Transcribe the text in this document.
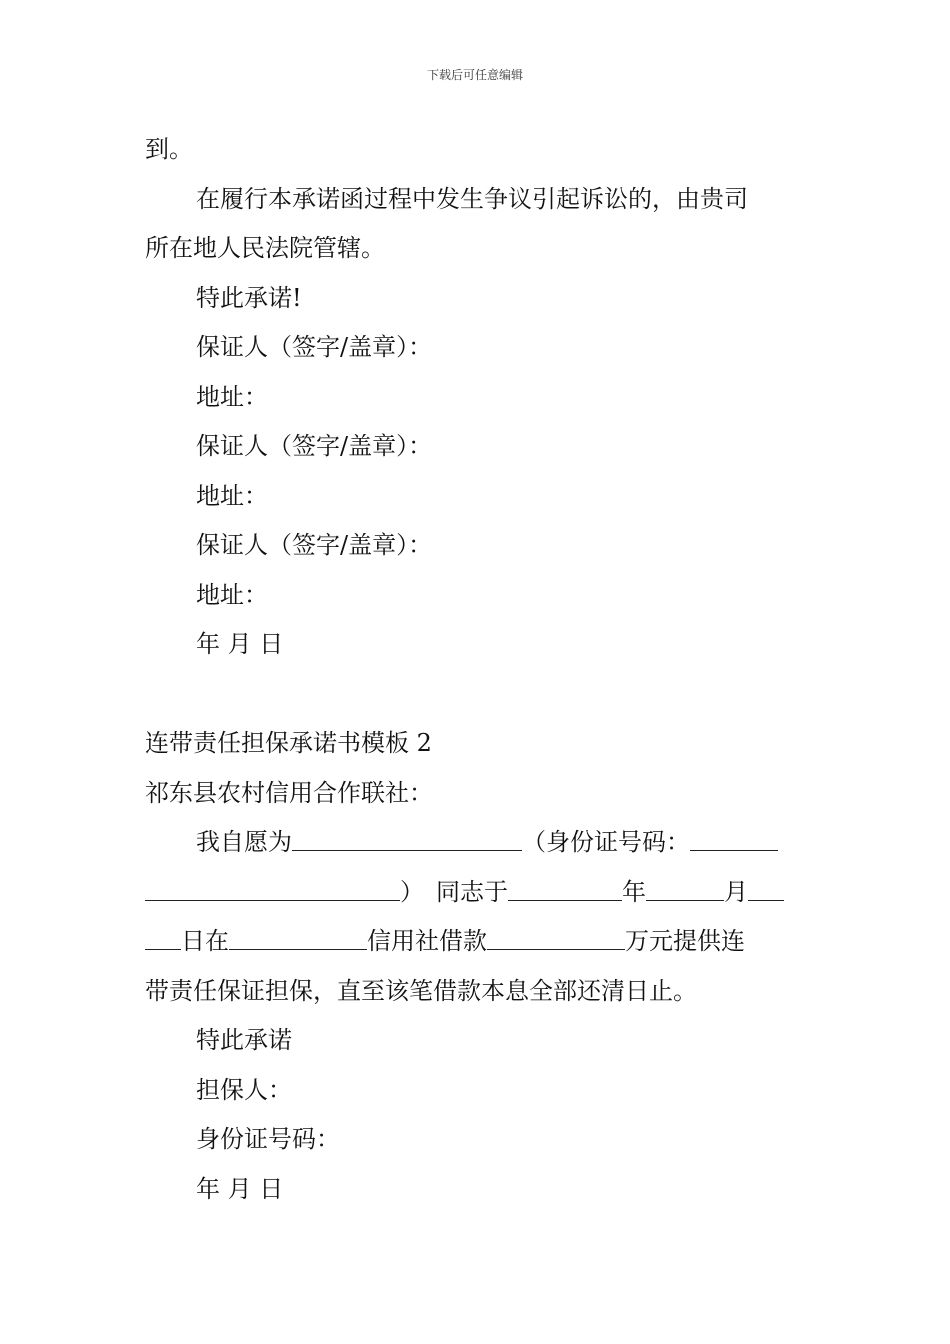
下载后可任意编辑
到。
在履行本承诺函过程中发生争议引起诉讼的，由贵司
所在地人民法院管辖。
特此承诺!
保证人（签字/盖章）：
地址：
保证人（签字/盖章）：
地址：
保证人（签字/盖章）：
地址：
年 月 日
连带责任担保承诺书模板 2
祁东县农村信用合作联社：
我自愿为	（身份证号码：
）　同志于	年	月
日在	信用社借款	万元提供连
带责任保证担保，直至该笔借款本息全部还清日止。
特此承诺
担保人：
身份证号码：
年 月 日
